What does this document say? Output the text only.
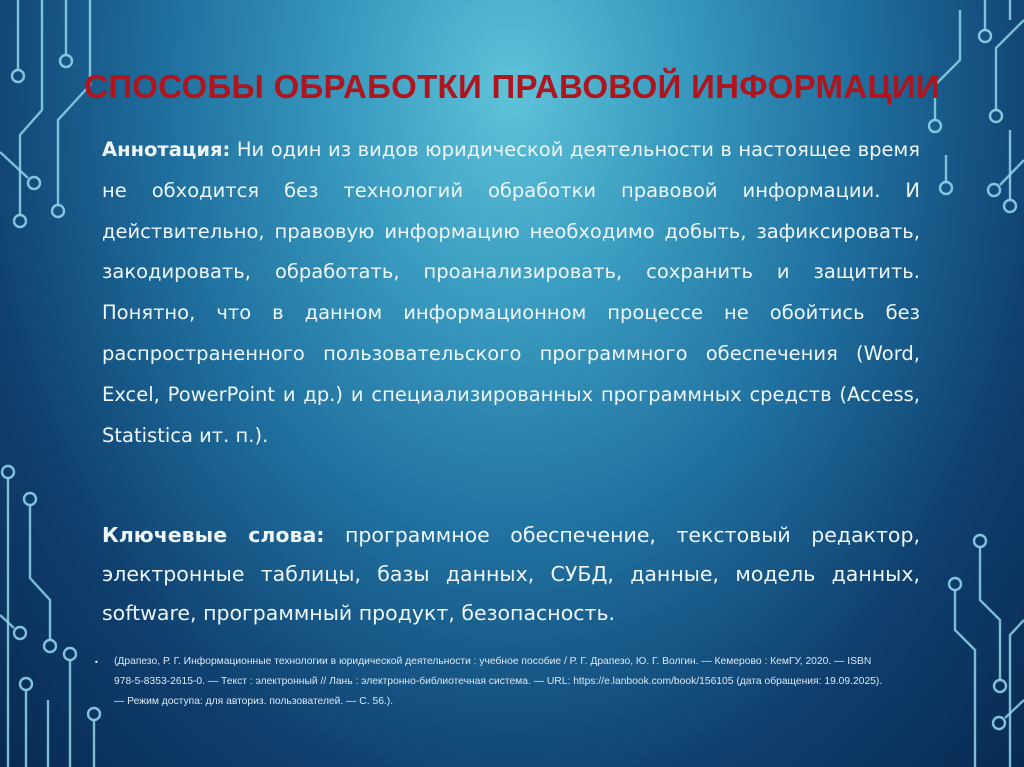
СПОСОБЫ ОБРАБОТКИ ПРАВОВОЙ ИНФОРМАЦИИ

Аннотация: Ни один из видов юридической деятельности в настоящее время не обходится без технологий обработки правовой информации. И действительно, правовую информацию необходимо добыть, зафиксировать, закодировать, обработать, проанализировать, сохранить и защитить. Понятно, что в данном информационном процессе не обойтись без распространенного пользовательского программного обеспечения (Word, Excel, PowerPoint и др.) и специализированных программных средств (Access, Statistica ит. п.).

Ключевые слова: программное обеспечение, текстовый редактор, электронные таблицы, базы данных, СУБД, данные, модель данных, software, программный продукт, безопасность.

• (Драпезо, Р. Г. Информационные технологии в юридической деятельности : учебное пособие / Р. Г. Драпезо, Ю. Г. Волгин. — Кемерово : КемГУ, 2020. — ISBN 978-5-8353-2615-0. — Текст : электронный // Лань : электронно-библиотечная система. — URL: https://e.lanbook.com/book/156105 (дата обращения: 19.09.2025). — Режим доступа: для авториз. пользователей. — С. 56.).
